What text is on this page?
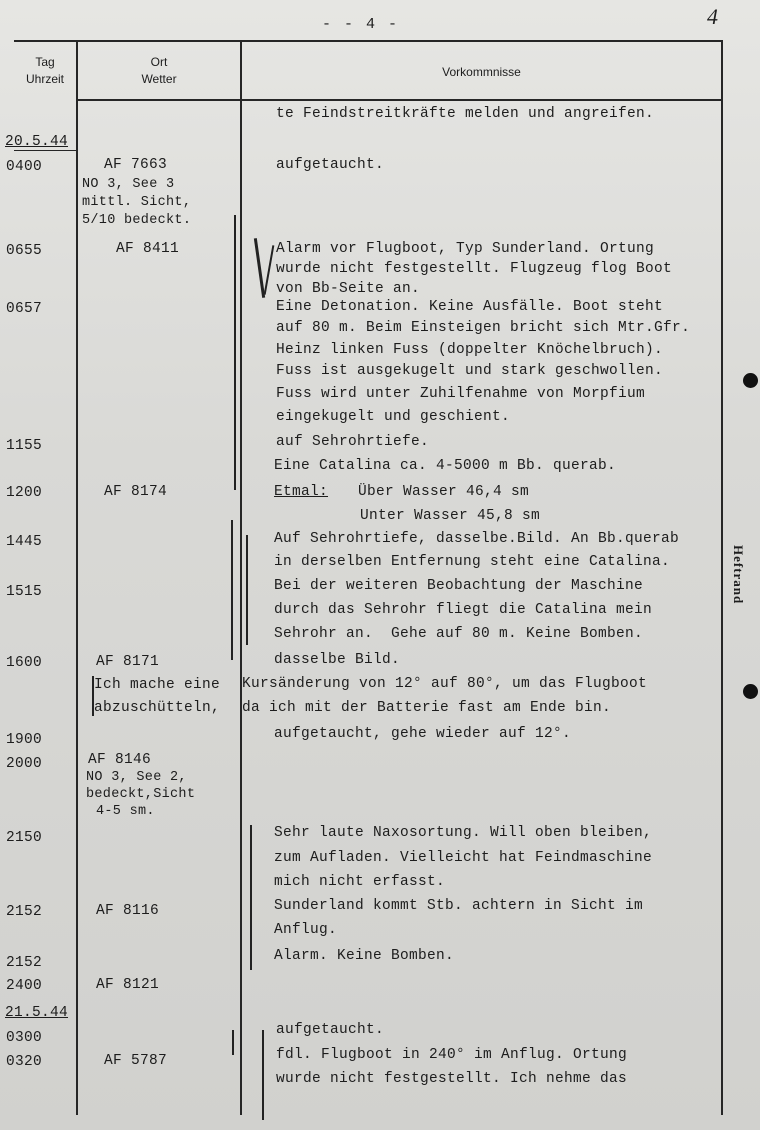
- - 4 -	4
Tag
Uhrzeit
Ort
Wetter	Vorkommnisse
20.5.44
21.5.44
0400
0655
0657
1155
1200
1445
1515
1600
1900
2000
2150
2152
2152
2400
0300
0320
AF 7663
NO 3, See 3
mittl. Sicht,
5/10 bedeckt.
AF 8411
AF 8174
AF 8171
AF 8146
NO 3, See 2,
bedeckt,Sicht
4-5 sm.
AF 8116
AF 8121
AF 5787
te Feindstreitkräfte melden und angreifen.
aufgetaucht.
Alarm vor Flugboot, Typ Sunderland. Ortung
wurde nicht festgestellt. Flugzeug flog Boot
von Bb-Seite an.
Eine Detonation. Keine Ausfälle. Boot steht
auf 80 m. Beim Einsteigen bricht sich Mtr.Gfr.
Heinz linken Fuss (doppelter Knöchelbruch).
Fuss ist ausgekugelt und stark geschwollen.
Fuss wird unter Zuhilfenahme von Morpfium
eingekugelt und geschient.
auf Sehrohrtiefe.
Eine Catalina ca. 4-5000 m Bb. querab.
Etmal: Über Wasser 46,4 sm
Unter Wasser 45,8 sm
Auf Sehrohrtiefe, dasselbe.Bild. An Bb.querab
in derselben Entfernung steht eine Catalina.
Bei der weiteren Beobachtung der Maschine
durch das Sehrohr fliegt die Catalina mein
Sehrohr an.  Gehe auf 80 m. Keine Bomben.
dasselbe Bild.
Ich mache eine Kursänderung von 12° auf 80°, um das Flugboot
abzuschütteln, da ich mit der Batterie fast am Ende bin.
aufgetaucht, gehe wieder auf 12°.
Sehr laute Naxosortung. Will oben bleiben,
zum Aufladen. Vielleicht hat Feindmaschine
mich nicht erfasst.
Sunderland kommt Stb. achtern in Sicht im
Anflug.
Alarm. Keine Bomben.
aufgetaucht.
fdl. Flugboot in 240° im Anflug. Ortung
wurde nicht festgestellt. Ich nehme das
Heftrand
